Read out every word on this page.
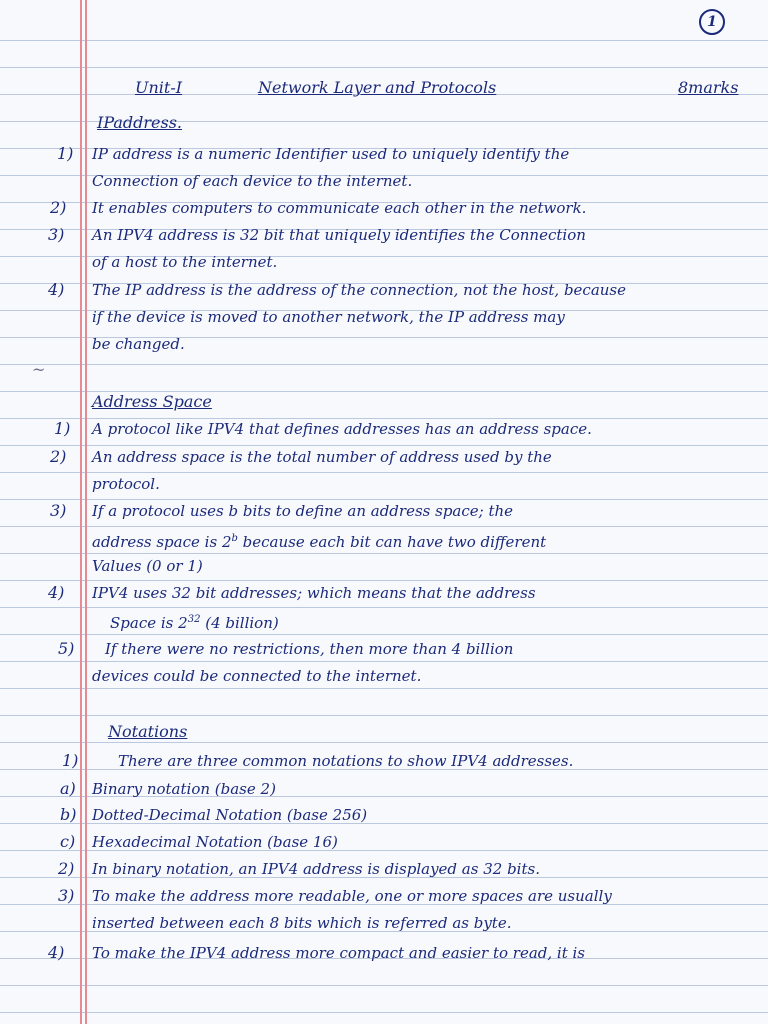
1
Unit-I	Network Layer and Protocols	8marks
IPaddress.
1) IP address is a numeric Identifier used to uniquely identify the
Connection of each device to the internet.
2) It enables computers to communicate each other in the network.
3) An IPV4 address is 32 bit that uniquely identifies the Connection
of a host to the internet.
4) The IP address is the address of the connection, not the host, because
if the device is moved to another network, the IP address may
be changed.
~
Address Space
1) A protocol like IPV4 that defines addresses has an address space.
2) An address space is the total number of address used by the
protocol.
3) If a protocol uses b bits to define an address space; the
address space is 2$^b$ because each bit can have two different
Values (0 or 1)
4) IPV4 uses 32 bit addresses; which means that the address
Space is $2^{32}$ (4 billion)
5) If there were no restrictions, then more than 4 billion
devices could be connected to the internet.
Notations
1)	There are three common notations to show IPV4 addresses.
a) Binary notation (base 2)
b) Dotted-Decimal Notation (base 256)
c) Hexadecimal Notation (base 16)
2) In binary notation, an IPV4 address is displayed as 32 bits.
3) To make the address more readable, one or more spaces are usually
inserted between each 8 bits which is referred as byte.
4) To make the IPV4 address more compact and easier to read, it is
